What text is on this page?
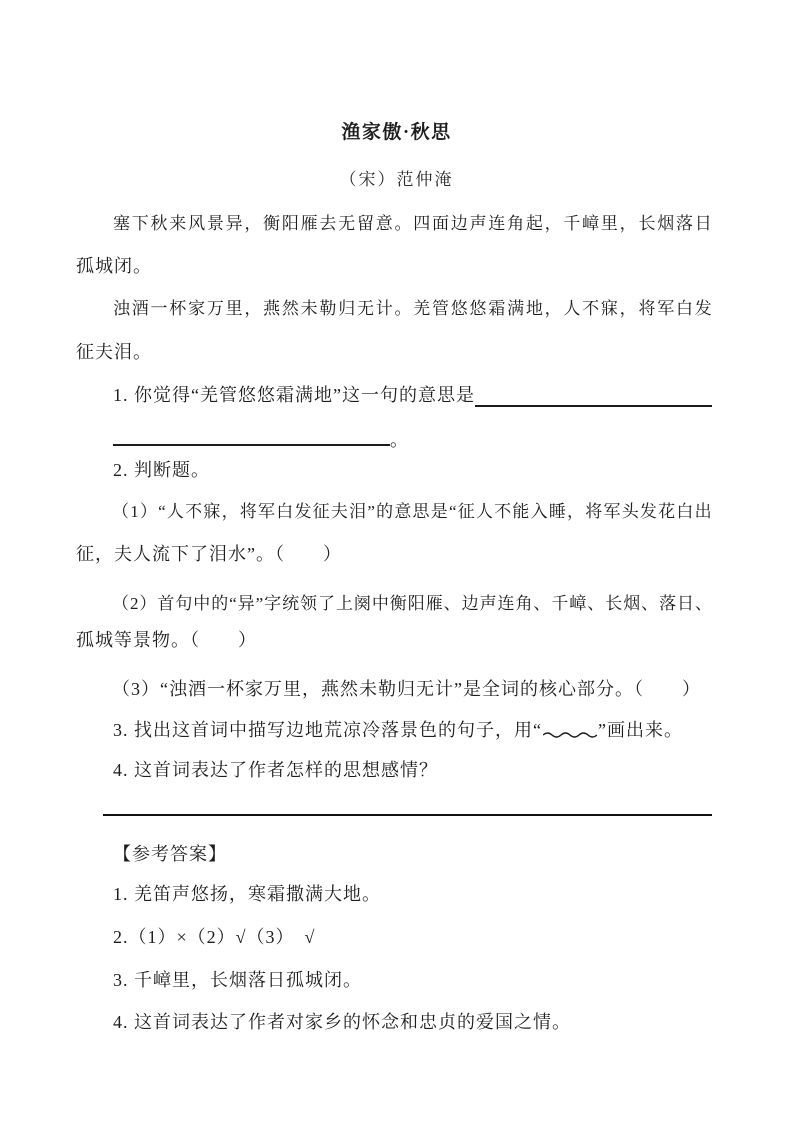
渔家傲·秋思
（宋）范仲淹
塞 下 秋 来 风 景 异 ， 衡 阳 雁 去 无 留 意 。 四 面 边 声 连 角 起 ， 千 嶂 里 ， 长 烟 落 日
孤城闭。
浊 酒 一 杯 家 万 里 ， 燕 然 未 勒 归 无 计 。 羌 管 悠 悠 霜 满 地 ， 人 不 寐 ， 将 军 白 发
征夫泪。
1. 你觉得“羌管悠悠霜满地”这一句的意思是
。
2. 判断题。
（ 1 ） “ 人 不 寐 ， 将 军 白 发 征 夫 泪 ” 的 意 思 是 “ 征 人 不 能 入 睡 ， 将 军 头 发 花 白 出
征，夫人流下了泪水”。（　　）
（ 2 ） 首 句 中 的 “ 异 ” 字 统 领 了 上 阕 中 衡 阳 雁 、 边 声 连 角 、 千 嶂 、 长 烟 、 落 日 、
孤城等景物。（　　）
（3）“浊酒一杯家万里，燕然未勒归无计”是全词的核心部分。（　　）
3. 找出这首词中描写边地荒凉冷落景色的句子，用“	”画出来。
4. 这首词表达了作者怎样的思想感情？
【参考答案】
1. 羌笛声悠扬，寒霜撒满大地。
2.（1）×（2）√（3）　√
3. 千嶂里，长烟落日孤城闭。
4. 这首词表达了作者对家乡的怀念和忠贞的爱国之情。
